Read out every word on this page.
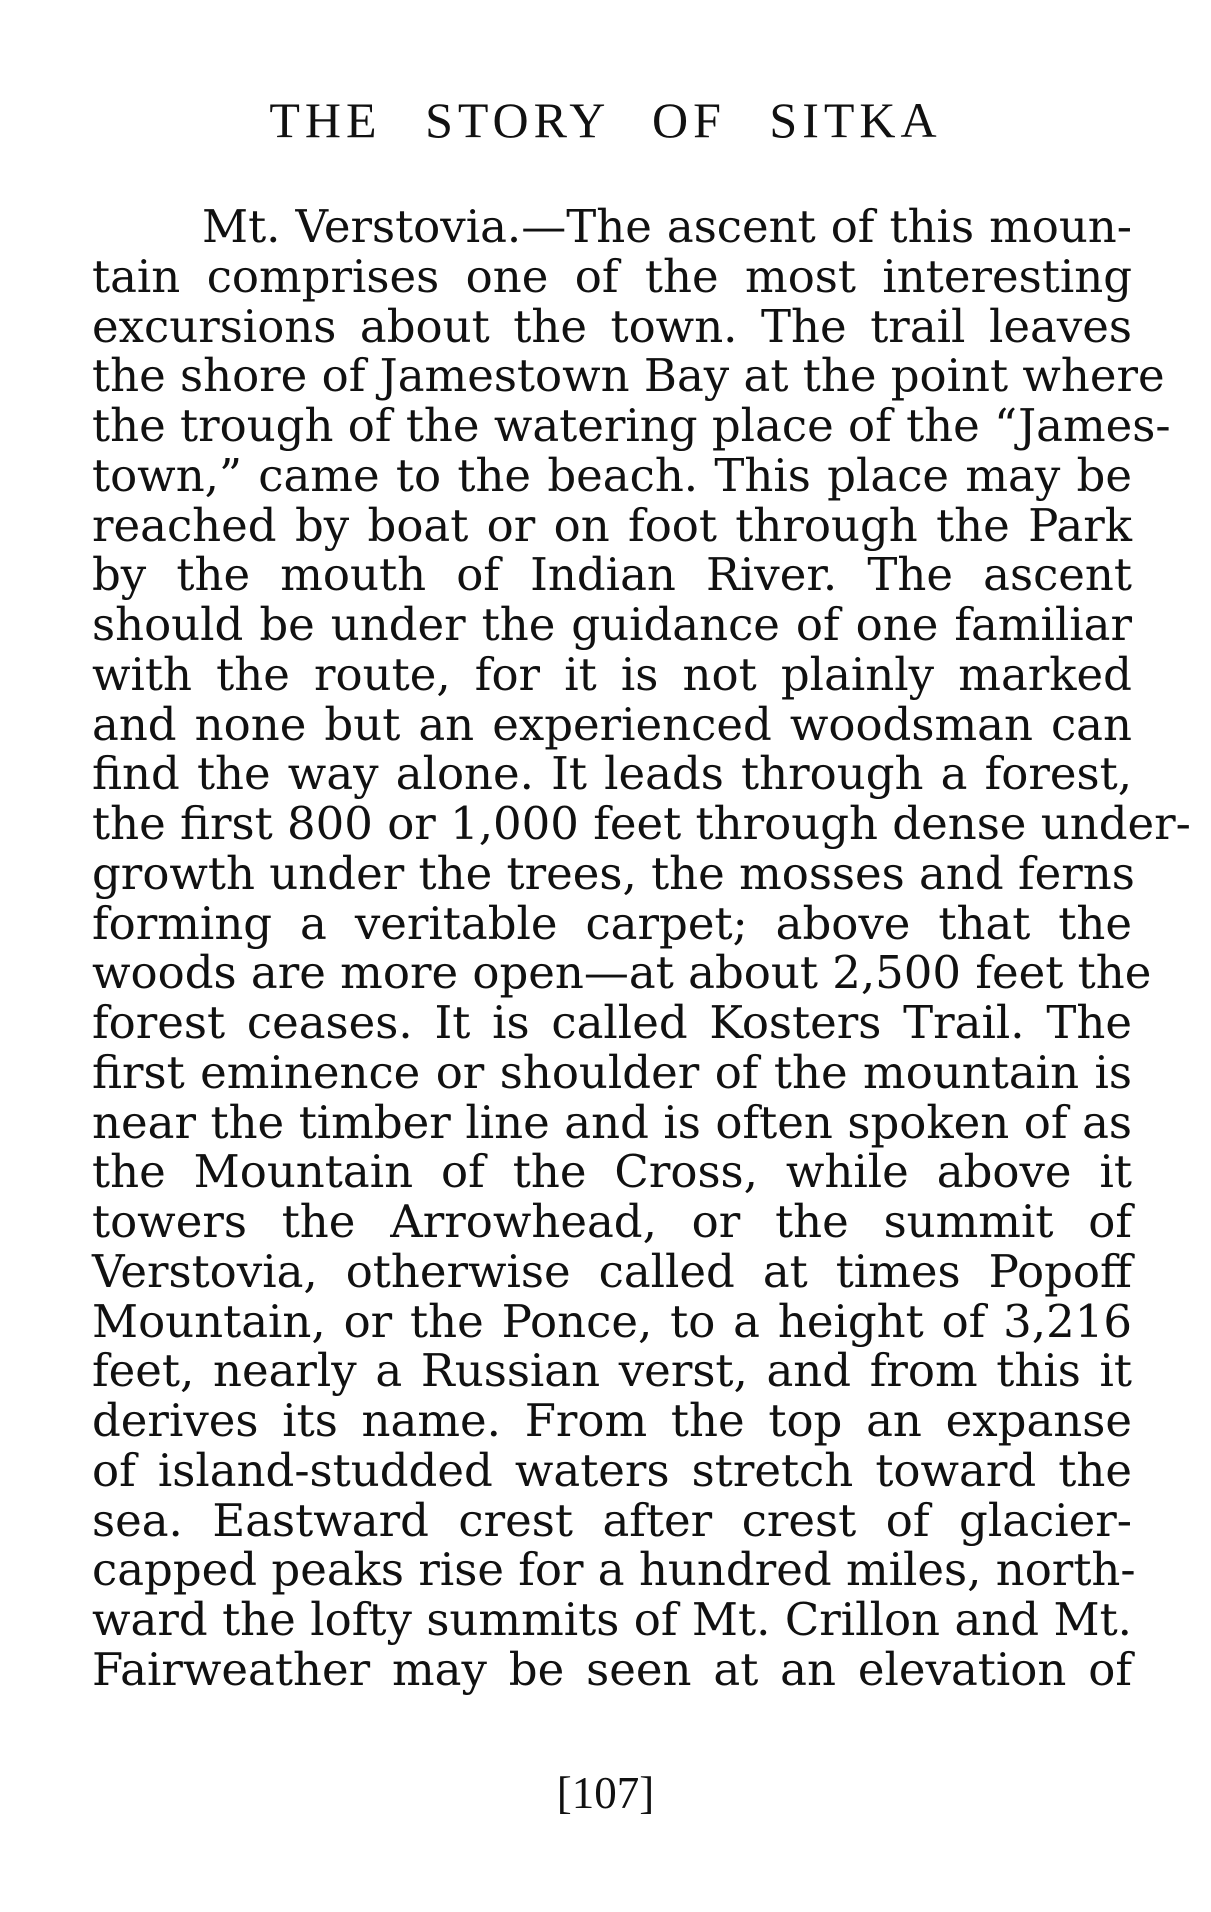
THE STORY OF SITKA
Mt. Verstovia.—The ascent of this moun-
tain comprises one of the most interesting
excursions about the town. The trail leaves
the shore of Jamestown Bay at the point where
the trough of the watering place of the “James-
town,” came to the beach. This place may be
reached by boat or on foot through the Park
by the mouth of Indian River. The ascent
should be under the guidance of one familiar
with the route, for it is not plainly marked
and none but an experienced woodsman can
find the way alone. It leads through a forest,
the first 800 or 1,000 feet through dense under-
growth under the trees, the mosses and ferns
forming a veritable carpet; above that the
woods are more open—at about 2,500 feet the
forest ceases. It is called Kosters Trail. The
first eminence or shoulder of the mountain is
near the timber line and is often spoken of as
the Mountain of the Cross, while above it
towers the Arrowhead, or the summit of
Verstovia, otherwise called at times Popoff
Mountain, or the Ponce, to a height of 3,216
feet, nearly a Russian verst, and from this it
derives its name. From the top an expanse
of island-studded waters stretch toward the
sea. Eastward crest after crest of glacier-
capped peaks rise for a hundred miles, north-
ward the lofty summits of Mt. Crillon and Mt.
Fairweather may be seen at an elevation of
[107]
